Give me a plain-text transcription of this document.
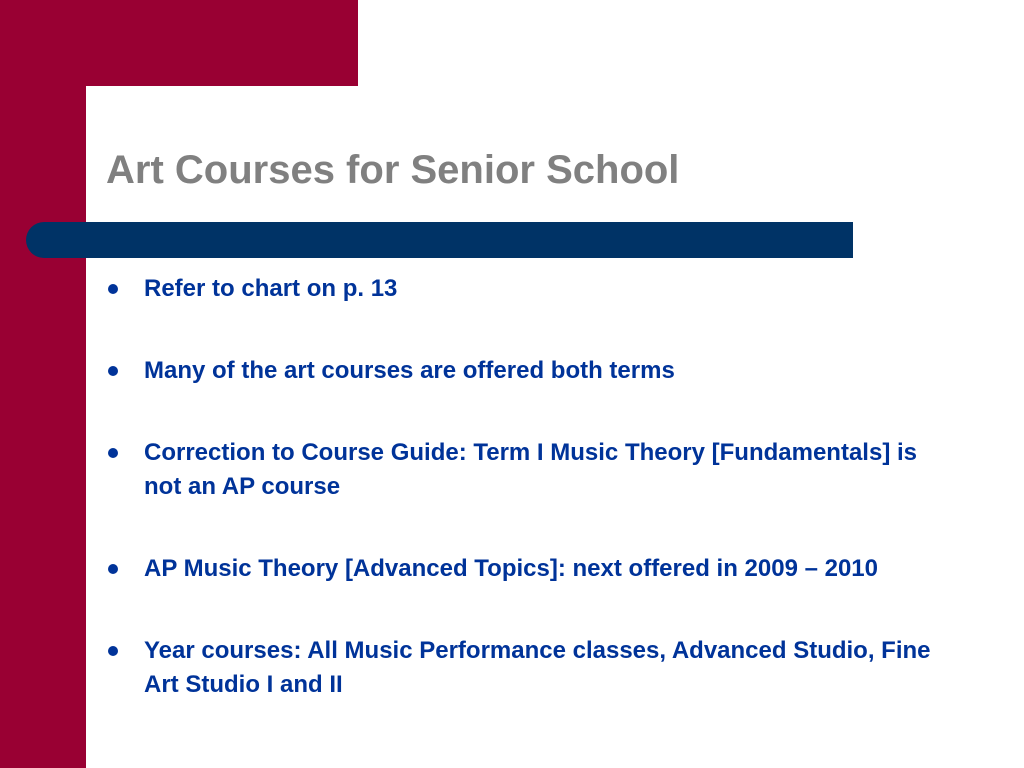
Art Courses for Senior School
Refer to chart on p. 13
Many of the art courses are offered both terms
Correction to Course Guide: Term I Music Theory [Fundamentals] is not an AP course
AP Music Theory [Advanced Topics]: next offered in 2009 – 2010
Year courses: All Music Performance classes, Advanced Studio, Fine Art Studio I and II
